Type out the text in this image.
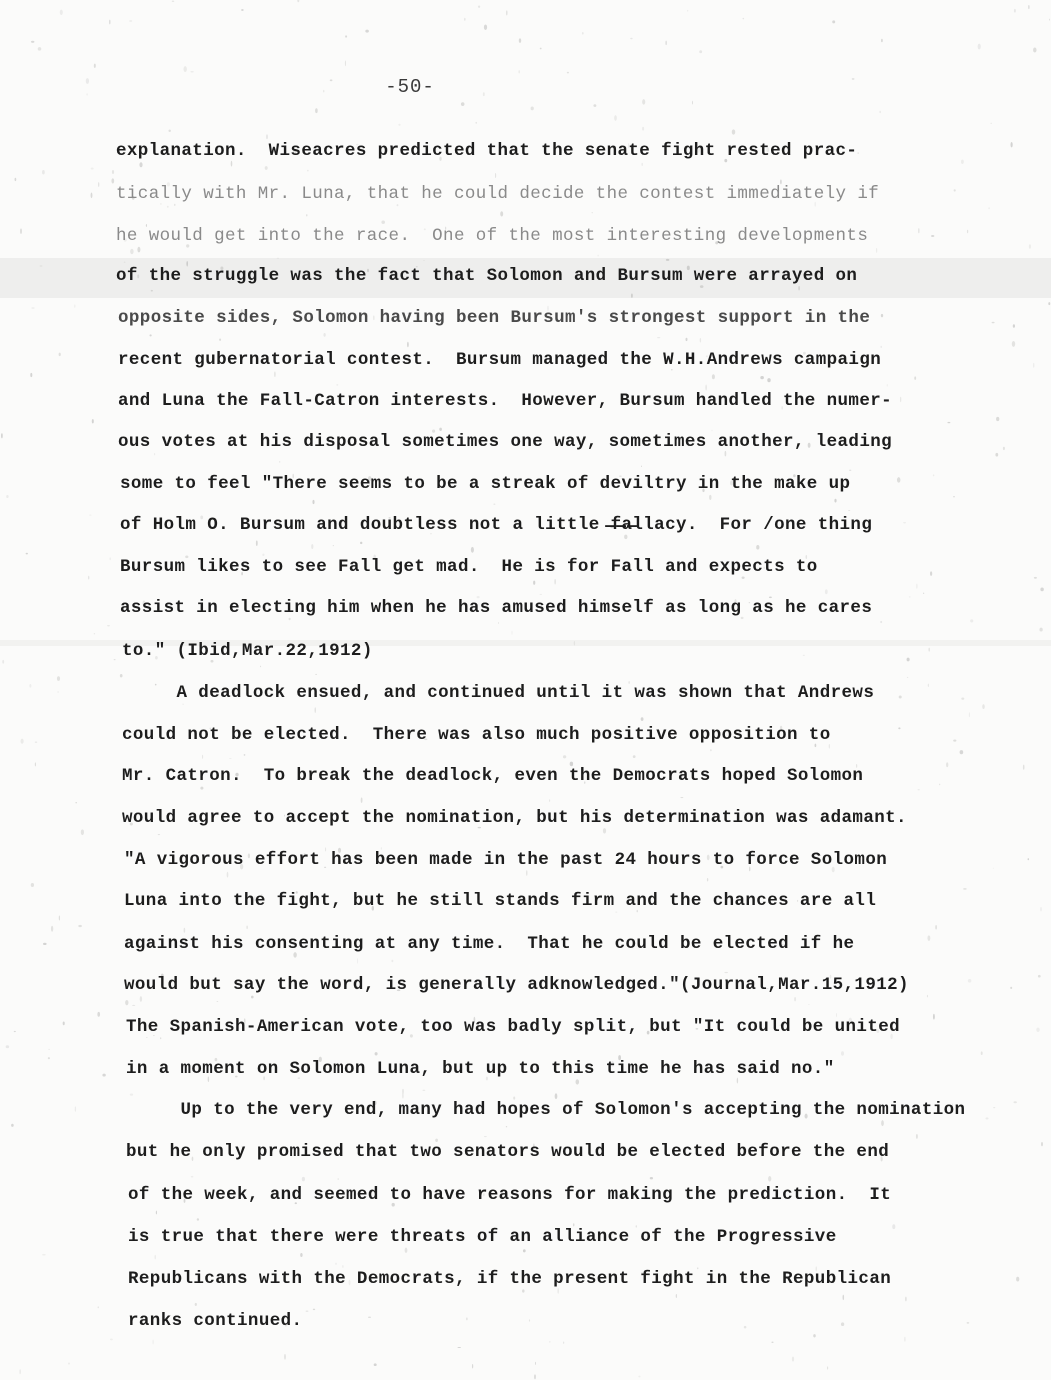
-50-
explanation.  Wiseacres predicted that the senate fight rested prac-
tically with Mr. Luna, that he could decide the contest immediately if
he would get into the race.  One of the most interesting developments
of the struggle was the fact that Solomon and Bursum were arrayed on
opposite sides, Solomon having been Bursum's strongest support in the
recent gubernatorial contest.  Bursum managed the W.H.Andrews campaign
and Luna the Fall-Catron interests.  However, Bursum handled the numer-
ous votes at his disposal sometimes one way, sometimes another, leading
some to feel "There seems to be a streak of deviltry in the make up
of Holm O. Bursum and doubtless not a little ̶f̶a̶llacy.  For /one thing
Bursum likes to see Fall get mad.  He is for Fall and expects to
assist in electing him when he has amused himself as long as he cares
to." (Ibid,Mar.22,1912)
A deadlock ensued, and continued until it was shown that Andrews
could not be elected.  There was also much positive opposition to
Mr. Catron.  To break the deadlock, even the Democrats hoped Solomon
would agree to accept the nomination, but his determination was adamant.
"A vigorous effort has been made in the past 24 hours to force Solomon
Luna into the fight, but he still stands firm and the chances are all
against his consenting at any time.  That he could be elected if he
would but say the word, is generally adknowledged."(Journal,Mar.15,1912)
The Spanish-American vote, too was badly split, but "It could be united
in a moment on Solomon Luna, but up to this time he has said no."
Up to the very end, many had hopes of Solomon's accepting the nomination
but he only promised that two senators would be elected before the end
of the week, and seemed to have reasons for making the prediction.  It
is true that there were threats of an alliance of the Progressive
Republicans with the Democrats, if the present fight in the Republican
ranks continued.
